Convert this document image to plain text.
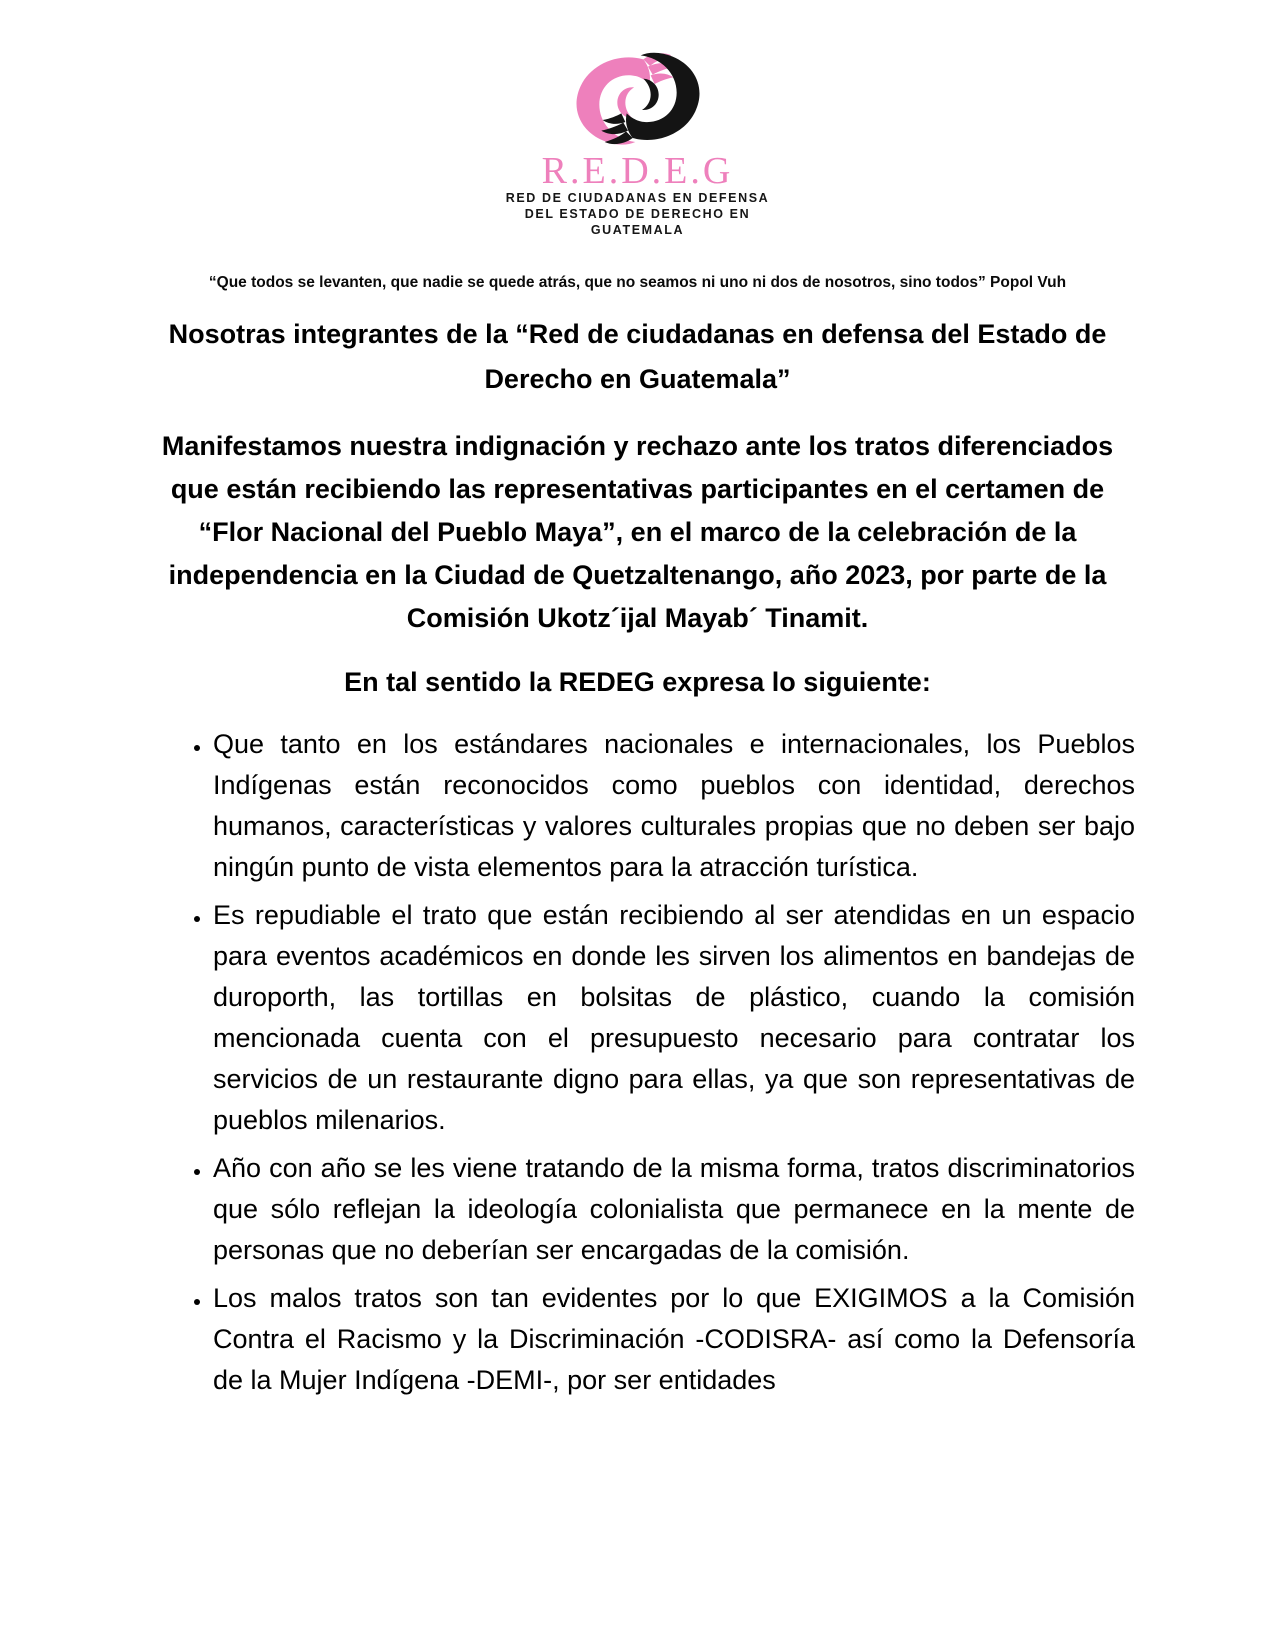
R.E.D.E.G
RED DE CIUDADANAS EN DEFENSA
DEL ESTADO DE DERECHO EN
GUATEMALA

“Que todos se levanten, que nadie se quede atrás, que no seamos ni uno ni dos de nosotros, sino todos” Popol Vuh

Nosotras integrantes de la “Red de ciudadanas en defensa del Estado de Derecho en Guatemala”

Manifestamos nuestra indignación y rechazo ante los tratos diferenciados que están recibiendo las representativas participantes en el certamen de “Flor Nacional del Pueblo Maya”, en el marco de la celebración de la independencia en la Ciudad de Quetzaltenango, año 2023, por parte de la Comisión Ukotz´ijal Mayab´ Tinamit.

En tal sentido la REDEG expresa lo siguiente:
• Que tanto en los estándares nacionales e internacionales, los Pueblos Indígenas están reconocidos como pueblos con identidad, derechos humanos, características y valores culturales propias que no deben ser bajo ningún punto de vista elementos para la atracción turística.
• Es repudiable el trato que están recibiendo al ser atendidas en un espacio para eventos académicos en donde les sirven los alimentos en bandejas de duroporth, las tortillas en bolsitas de plástico, cuando la comisión mencionada cuenta con el presupuesto necesario para contratar los servicios de un restaurante digno para ellas, ya que son representativas de pueblos milenarios.
• Año con año se les viene tratando de la misma forma, tratos discriminatorios que sólo reflejan la ideología colonialista que permanece en la mente de personas que no deberían ser encargadas de la comisión.
• Los malos tratos son tan evidentes por lo que EXIGIMOS a la Comisión Contra el Racismo y la Discriminación -CODISRA- así como la Defensoría de la Mujer Indígena -DEMI-, por ser entidades
